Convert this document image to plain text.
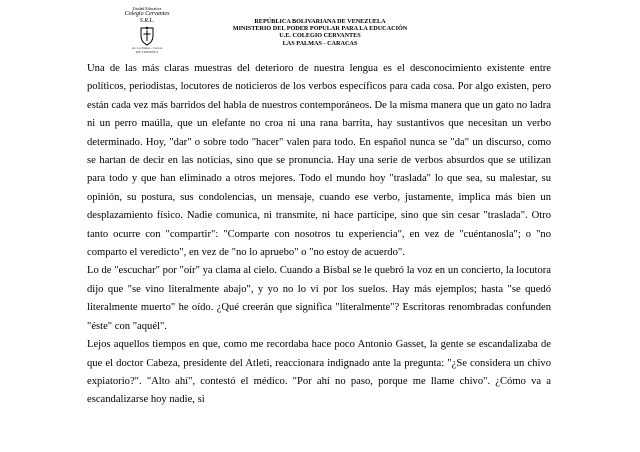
Unidad Educativa
Colegio Cervantes S.R.L.
Av. Las Palmas - Caracas
RIF. J-00000000-0
REPÚBLICA BOLIVARIANA DE VENEZUELA
MINISTERIO DEL PODER POPULAR PARA LA EDUCACIÓN
U.E. COLEGIO CERVANTES
LAS PALMAS - CARACAS

Una de las más claras muestras del deterioro de nuestra lengua es el desconocimiento existente entre políticos, periodistas, locutores de noticieros de los verbos específicos para cada cosa. Por algo existen, pero están cada vez más barridos del habla de nuestros contemporáneos. De la misma manera que un gato no ladra ni un perro maúlla, que un elefante no croa ni una rana barrita, hay sustantivos que necesitan un verbo determinado. Hoy, "dar" o sobre todo "hacer" valen para todo. En español nunca se "da" un discurso, como se hartan de decir en las noticias, sino que se pronuncia. Hay una serie de verbos absurdos que se utilizan para todo y que han eliminado a otros mejores. Todo el mundo hoy "traslada" lo que sea, su malestar, su opinión, su postura, sus condolencias, un mensaje, cuando ese verbo, justamente, implica más bien un desplazamiento físico. Nadie comunica, ni transmite, ni hace partícipe, sino que sin cesar "traslada". Otro tanto ocurre con "compartir": "Comparte con nosotros tu experiencia", en vez de "cuéntanosla"; o "no comparto el veredicto", en vez de "no lo apruebo" o "no estoy de acuerdo".

Lo de "escuchar" por "oír" ya clama al cielo. Cuando a Bisbal se le quebró la voz en un concierto, la locutora dijo que "se vino literalmente abajo", y yo no lo vi por los suelos. Hay más ejemplos; hasta "se quedó literalmente muerto" he oído. ¿Qué creerán que significa "literalmente"? Escritoras renombradas confunden "éste" con "aquél".

Lejos aquellos tiempos en que, como me recordaba hace poco Antonio Gasset, la gente se escandalizaba de que el doctor Cabeza, presidente del Atleti, reaccionara indignado ante la pregunta: "¿Se considera un chivo expiatorio?". "Alto ahí", contestó el médico. "Por ahí no paso, porque me llame chivo". ¿Cómo va a escandalizarse hoy nadie, si
